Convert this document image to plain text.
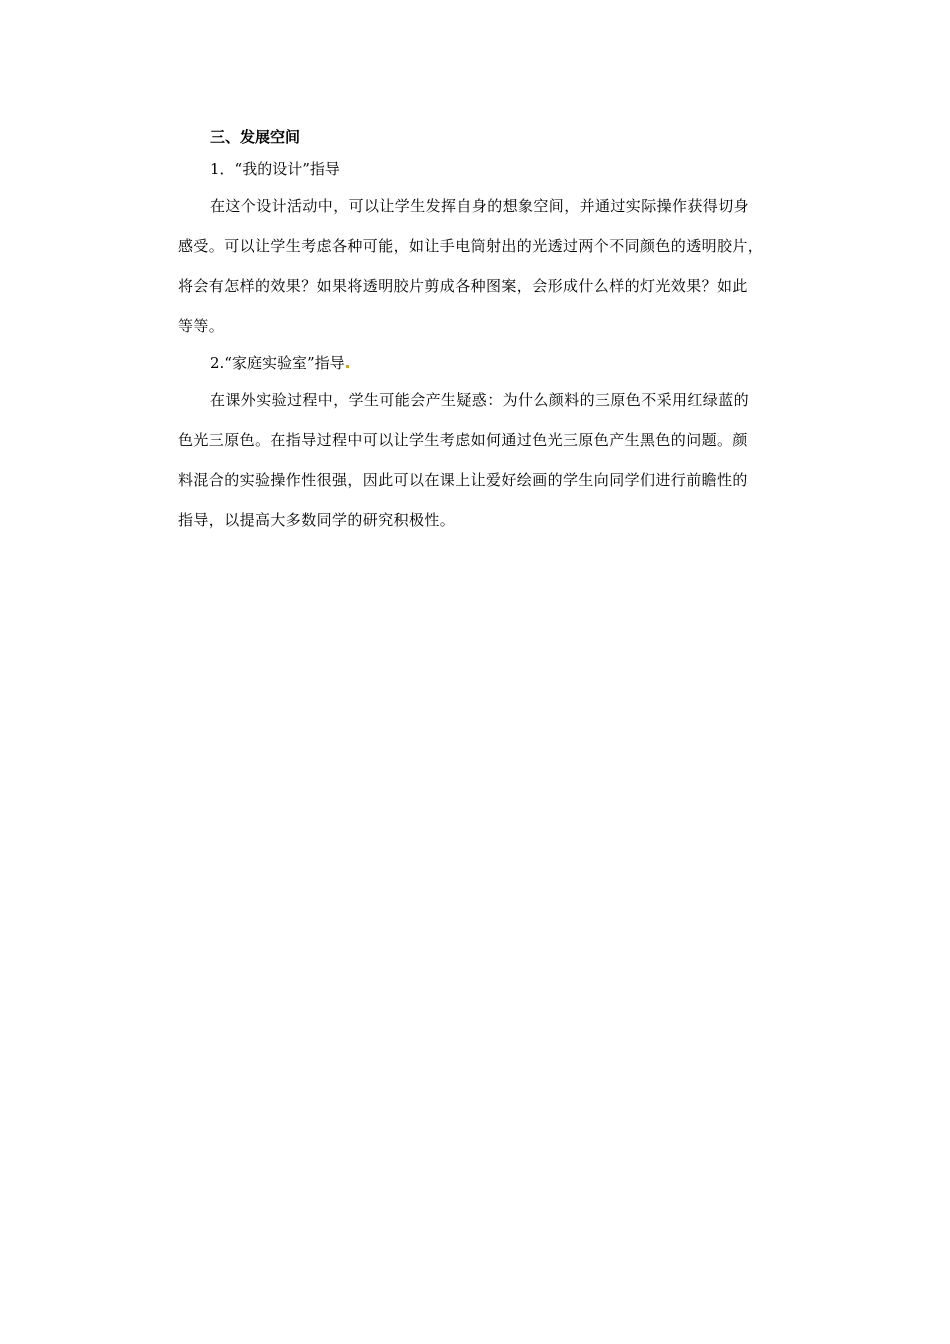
三、发展空间

1．“我的设计”指导

在这个设计活动中，可以让学生发挥自身的想象空间，并通过实际操作获得切身
感受。可以让学生考虑各种可能，如让手电筒射出的光透过两个不同颜色的透明胶片，
将会有怎样的效果？如果将透明胶片剪成各种图案，会形成什么样的灯光效果？如此
等等。

2.“家庭实验室”指导

在课外实验过程中，学生可能会产生疑惑：为什么颜料的三原色不采用红绿蓝的
色光三原色。在指导过程中可以让学生考虑如何通过色光三原色产生黑色的问题。颜
料混合的实验操作性很强，因此可以在课上让爱好绘画的学生向同学们进行前瞻性的
指导，以提高大多数同学的研究积极性。
